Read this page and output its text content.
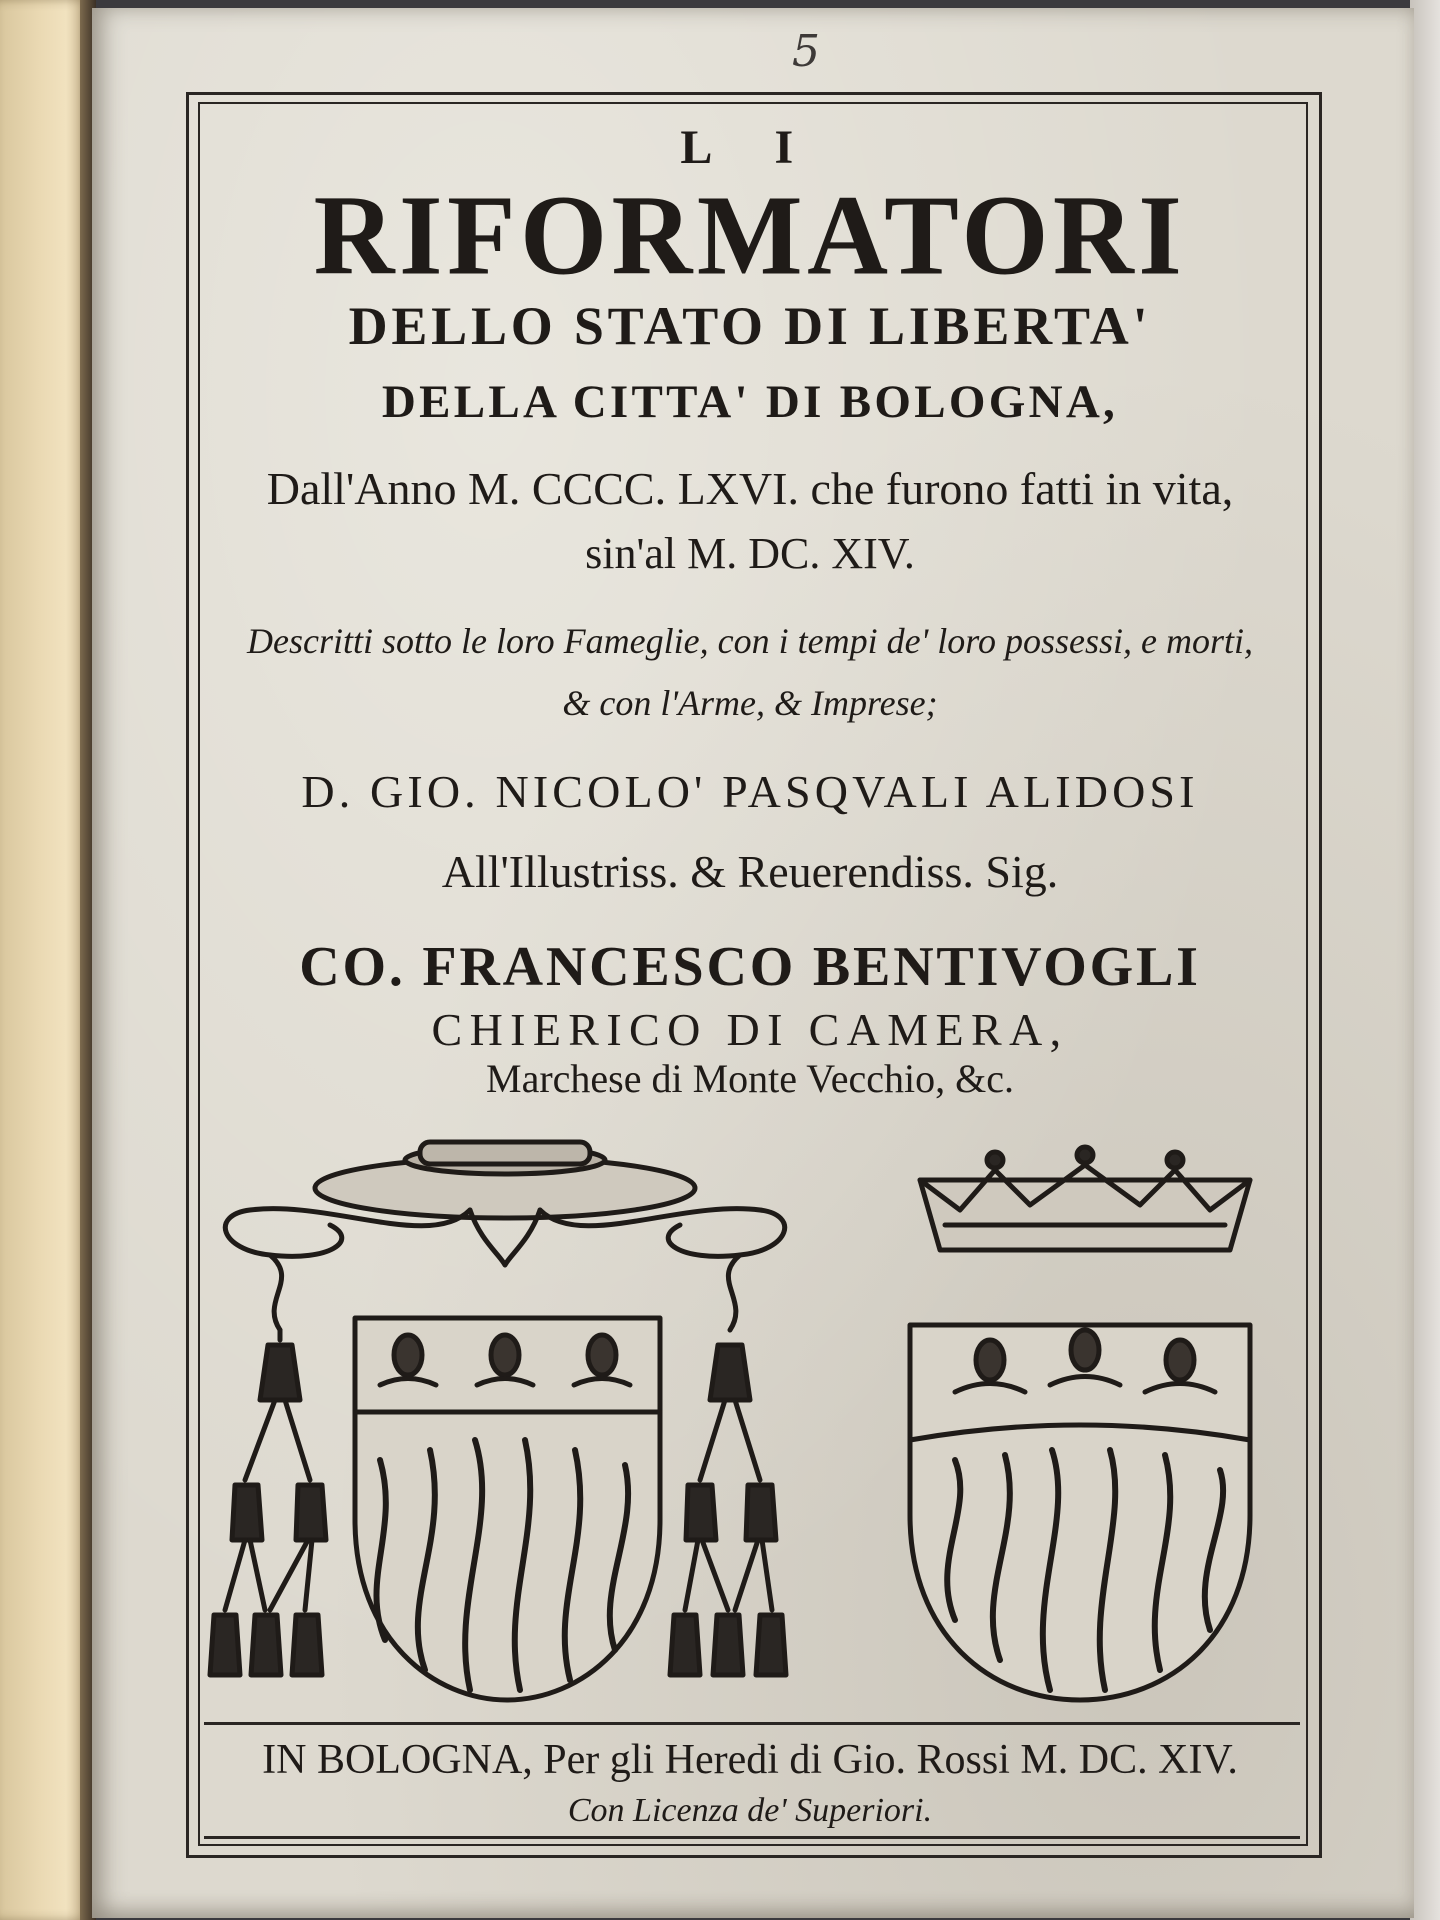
5
L I
RIFORMATORI
DELLO STATO DI LIBERTA'
DELLA CITTA' DI BOLOGNA,
Dall'Anno M. CCCC. LXVI. che furono fatti in vita,
sin'al M. DC. XIV.
Descritti sotto le loro Fameglie, con i tempi de' loro possessi, e morti,
& con l'Arme, & Imprese;
D. GIO. NICOLO' PASQVALI ALIDOSI
All'Illustriss. & Reuerendiss. Sig.
CO. FRANCESCO BENTIVOGLI
CHIERICO DI CAMERA,
Marchese di Monte Vecchio, &c.
IN BOLOGNA, Per gli Heredi di Gio. Rossi M. DC. XIV.
Con Licenza de' Superiori.
